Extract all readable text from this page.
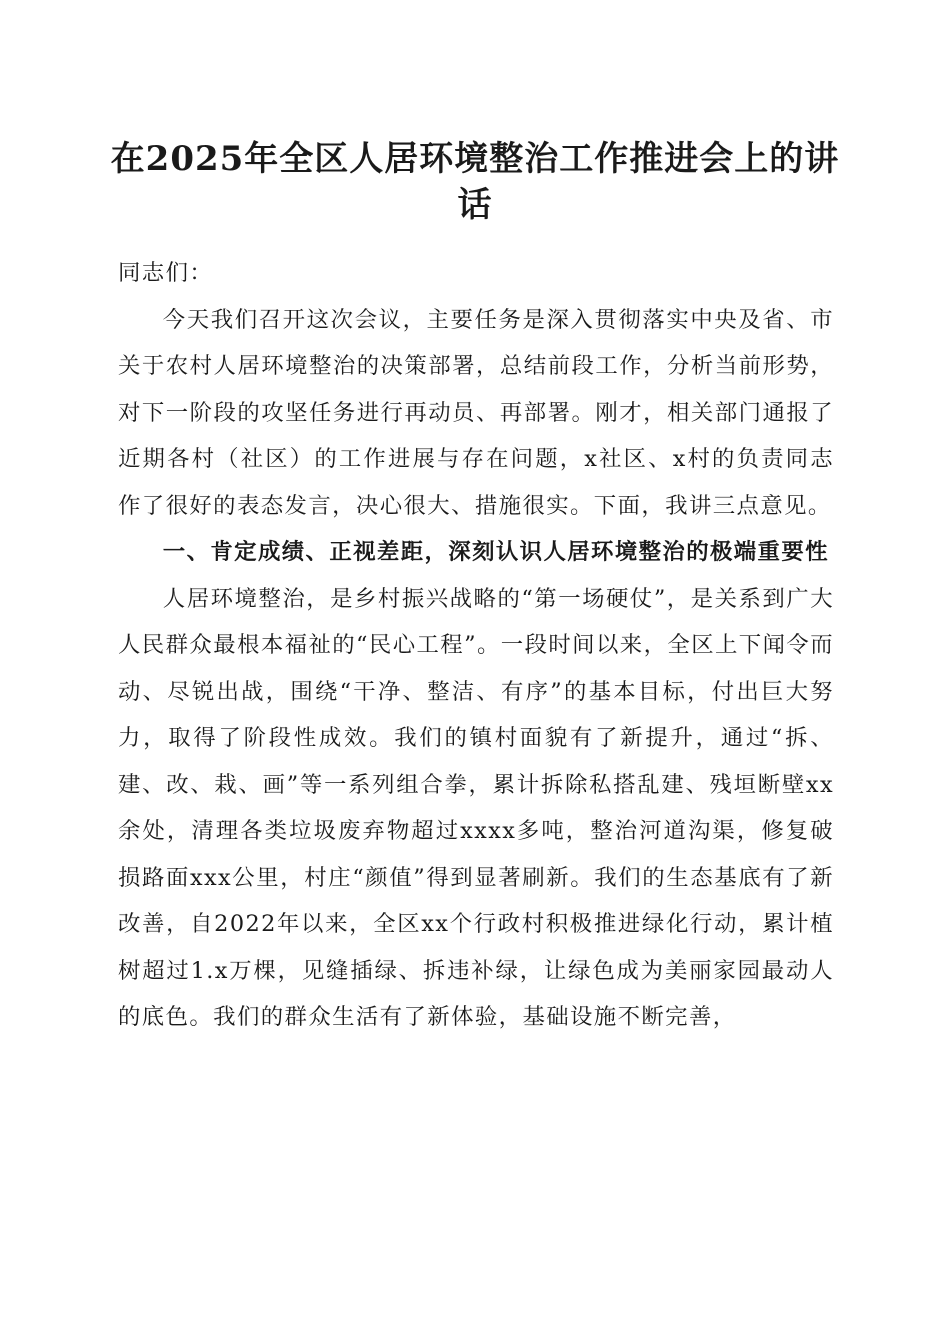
在2025年全区人居环境整治工作推进会上的讲话

同志们：

今天我们召开这次会议，主要任务是深入贯彻落实中央及省、市关于农村人居环境整治的决策部署，总结前段工作，分析当前形势，对下一阶段的攻坚任务进行再动员、再部署。刚才，相关部门通报了近期各村（社区）的工作进展与存在问题，x社区、x村的负责同志作了很好的表态发言，决心很大、措施很实。下面，我讲三点意见。

一、肯定成绩、正视差距，深刻认识人居环境整治的极端重要性

人居环境整治，是乡村振兴战略的“第一场硬仗”，是关系到广大人民群众最根本福祉的“民心工程”。一段时间以来，全区上下闻令而动、尽锐出战，围绕“干净、整洁、有序”的基本目标，付出巨大努力，取得了阶段性成效。我们的镇村面貌有了新提升，通过“拆、建、改、栽、画”等一系列组合拳，累计拆除私搭乱建、残垣断壁xx余处，清理各类垃圾废弃物超过xxxx多吨，整治河道沟渠，修复破损路面xxx公里，村庄“颜值”得到显著刷新。我们的生态基底有了新改善，自2022年以来，全区xx个行政村积极推进绿化行动，累计植树超过1.x万棵，见缝插绿、拆违补绿，让绿色成为美丽家园最动人的底色。我们的群众生活有了新体验，基础设施不断完善，
